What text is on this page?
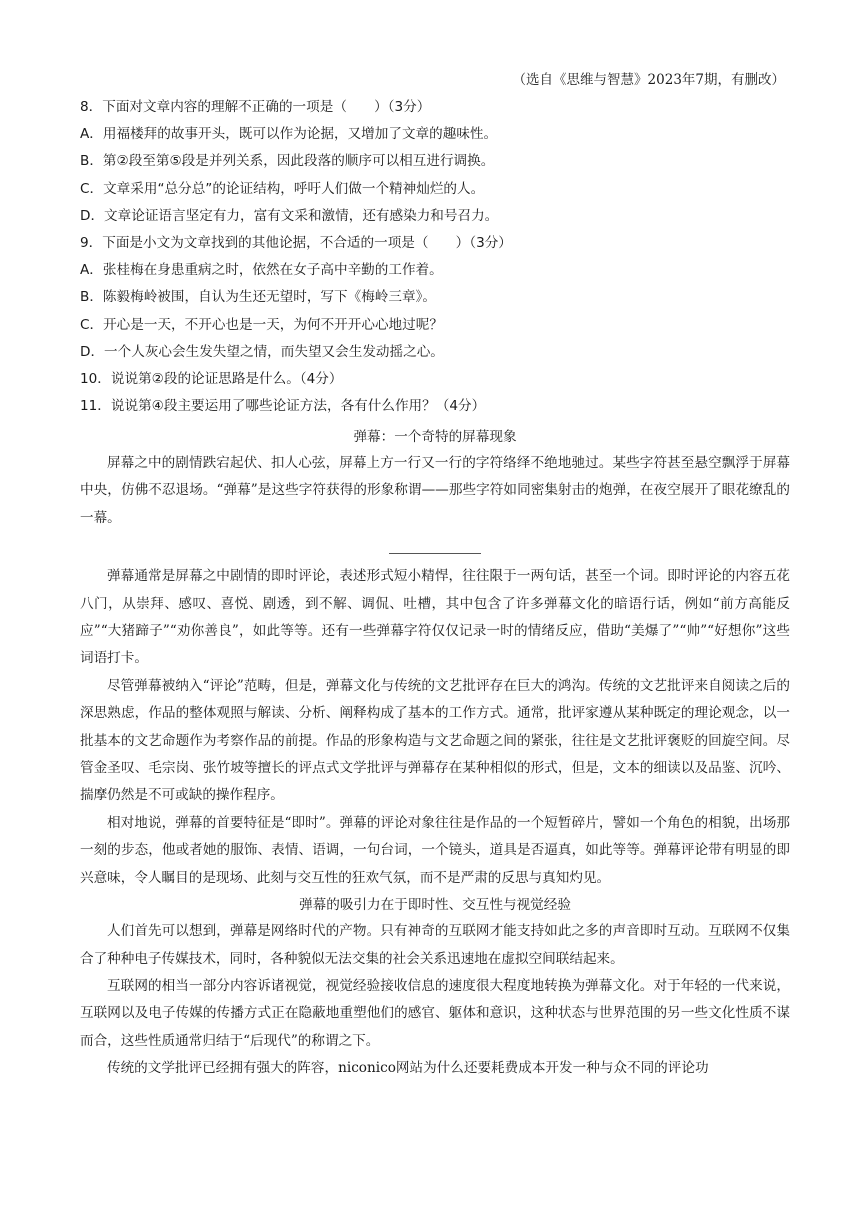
（选自《思维与智慧》2023年7期，有删改）
8．下面对文章内容的理解不正确的一项是（　　）（3分）
A．用福楼拜的故事开头，既可以作为论据，又增加了文章的趣味性。
B．第②段至第⑤段是并列关系，因此段落的顺序可以相互进行调换。
C．文章采用“总分总”的论证结构，呼吁人们做一个精神灿烂的人。
D．文章论证语言坚定有力，富有文采和激情，还有感染力和号召力。
9．下面是小文为文章找到的其他论据，不合适的一项是（　　）（3分）
A．张桂梅在身患重病之时，依然在女子高中辛勤的工作着。
B．陈毅梅岭被围，自认为生还无望时，写下《梅岭三章》。
C．开心是一天，不开心也是一天，为何不开开心心地过呢？
D．一个人灰心会生发失望之情，而失望又会生发动摇之心。
10．说说第②段的论证思路是什么。（4分）
11．说说第④段主要运用了哪些论证方法，各有什么作用？（4分）
弹幕：一个奇特的屏幕现象

屏幕之中的剧情跌宕起伏、扣人心弦，屏幕上方一行又一行的字符络绎不绝地驰过。某些字符甚至悬空飘浮于屏幕中央，仿佛不忍退场。“弹幕”是这些字符获得的形象称谓——那些字符如同密集射击的炮弹，在夜空展开了眼花缭乱的一幕。

弹幕通常是屏幕之中剧情的即时评论，表述形式短小精悍，往往限于一两句话，甚至一个词。即时评论的内容五花八门，从崇拜、感叹、喜悦、剧透，到不解、调侃、吐槽，其中包含了许多弹幕文化的暗语行话，例如“前方高能反应”“大猪蹄子”“劝你善良”，如此等等。还有一些弹幕字符仅仅记录一时的情绪反应，借助“美爆了”“帅”“好想你”这些词语打卡。

尽管弹幕被纳入“评论”范畴，但是，弹幕文化与传统的文艺批评存在巨大的鸿沟。传统的文艺批评来自阅读之后的深思熟虑，作品的整体观照与解读、分析、阐释构成了基本的工作方式。通常，批评家遵从某种既定的理论观念，以一批基本的文艺命题作为考察作品的前提。作品的形象构造与文艺命题之间的紧张，往往是文艺批评褒贬的回旋空间。尽管金圣叹、毛宗岗、张竹坡等擅长的评点式文学批评与弹幕存在某种相似的形式，但是，文本的细读以及品鉴、沉吟、揣摩仍然是不可或缺的操作程序。

相对地说，弹幕的首要特征是“即时”。弹幕的评论对象往往是作品的一个短暂碎片，譬如一个角色的相貌，出场那一刻的步态，他或者她的服饰、表情、语调，一句台词，一个镜头，道具是否逼真，如此等等。弹幕评论带有明显的即兴意味，令人瞩目的是现场、此刻与交互性的狂欢气氛，而不是严肃的反思与真知灼见。

弹幕的吸引力在于即时性、交互性与视觉经验

人们首先可以想到，弹幕是网络时代的产物。只有神奇的互联网才能支持如此之多的声音即时互动。互联网不仅集合了种种电子传媒技术，同时，各种貌似无法交集的社会关系迅速地在虚拟空间联结起来。

互联网的相当一部分内容诉诸视觉，视觉经验接收信息的速度很大程度地转换为弹幕文化。对于年轻的一代来说，互联网以及电子传媒的传播方式正在隐蔽地重塑他们的感官、躯体和意识，这种状态与世界范围的另一些文化性质不谋而合，这些性质通常归结于“后现代”的称谓之下。

传统的文学批评已经拥有强大的阵容，niconico网站为什么还要耗费成本开发一种与众不同的评论功
